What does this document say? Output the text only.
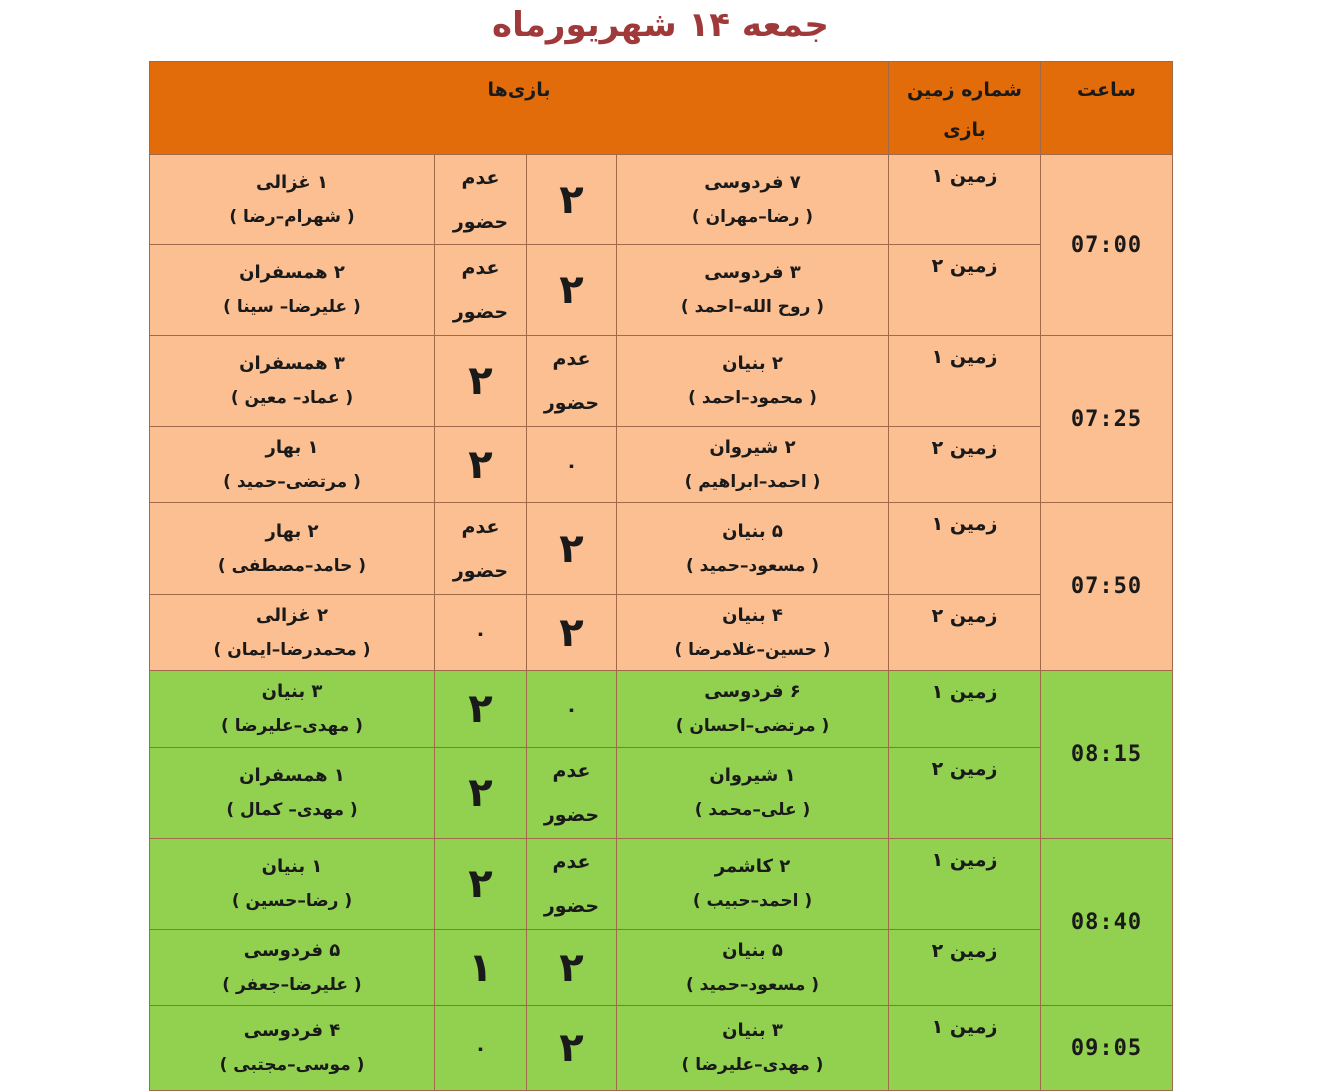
جمعه ۱۴ شهریورماه
ساعت	شماره زمین
بازی	بازی‌ها			
07:00	زمین ۱	۷ فردوسی
( رضا–مهران )	۲	عدم
حضور	۱ غزالی
( شهرام–رضا )

	زمین ۲	۳ فردوسی
( روح الله–احمد )	۲	عدم
حضور	۲ همسفران
( علیرضا– سینا )

07:25	زمین ۱	۲ بنیان
( محمود–احمد )	عدم
حضور	۲	۳ همسفران
( عماد– معین )

	زمین ۲	۲ شیروان
( احمد–ابراهیم )	۰	۲	۱ بهار
( مرتضی–حمید )

07:50	زمین ۱	۵ بنیان
( مسعود–حمید )	۲	عدم
حضور	۲ بهار
( حامد–مصطفی )

	زمین ۲	۴ بنیان
( حسین–غلامرضا )	۲	۰	۲ غزالی
( محمدرضا–ایمان )

08:15	زمین ۱	۶ فردوسی
( مرتضی–احسان )	۰	۲	۳ بنیان
( مهدی–علیرضا )

	زمین ۲	۱ شیروان
( علی–محمد )	عدم
حضور	۲	۱ همسفران
( مهدی– کمال )

08:40	زمین ۱	۲ کاشمر
( احمد–حبیب )	عدم
حضور	۲	۱ بنیان
( رضا–حسین )

	زمین ۲	۵ بنیان
( مسعود–حمید )	۲	۱	۵ فردوسی
( علیرضا–جعفر )

09:05	زمین ۱	۳ بنیان
( مهدی–علیرضا )	۲	۰	۴ فردوسی
( موسی–مجتبی )
